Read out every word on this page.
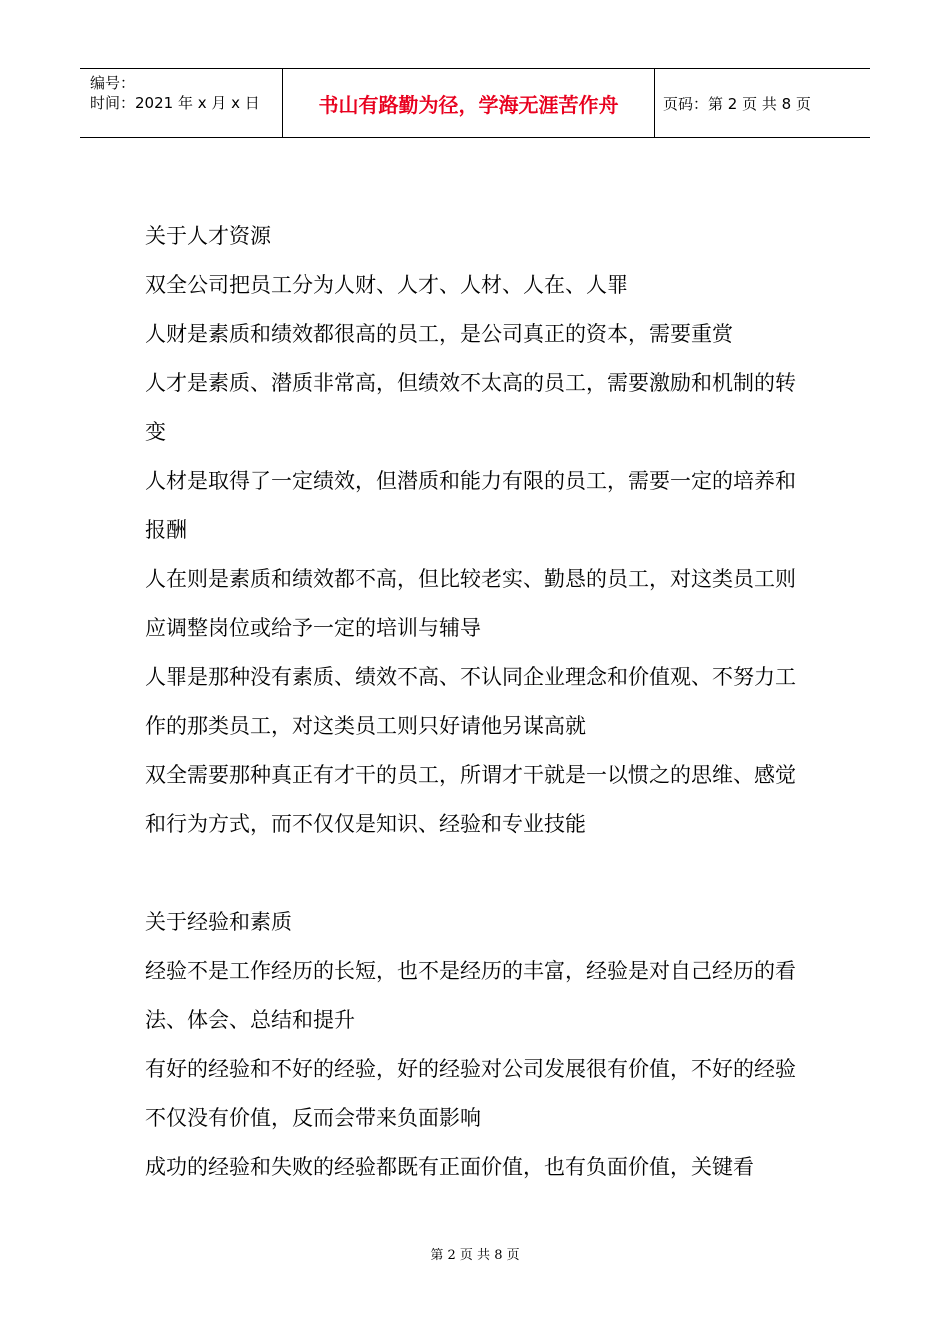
编号：
时间：2021 年 x 月 x 日	书山有路勤为径，学海无涯苦作舟	页码：第 2 页 共 8 页

关于人才资源

双全公司把员工分为人财、人才、人材、人在、人罪

人财是素质和绩效都很高的员工，是公司真正的资本，需要重赏

人才是素质、潜质非常高，但绩效不太高的员工，需要激励和机制的转变

人材是取得了一定绩效，但潜质和能力有限的员工，需要一定的培养和报酬

人在则是素质和绩效都不高，但比较老实、勤恳的员工，对这类员工则应调整岗位或给予一定的培训与辅导

人罪是那种没有素质、绩效不高、不认同企业理念和价值观、不努力工作的那类员工，对这类员工则只好请他另谋高就

双全需要那种真正有才干的员工，所谓才干就是一以惯之的思维、感觉和行为方式，而不仅仅是知识、经验和专业技能

关于经验和素质

经验不是工作经历的长短，也不是经历的丰富，经验是对自己经历的看法、体会、总结和提升

有好的经验和不好的经验，好的经验对公司发展很有价值，不好的经验不仅没有价值，反而会带来负面影响

成功的经验和失败的经验都既有正面价值，也有负面价值，关键看

第 2 页 共 8 页
